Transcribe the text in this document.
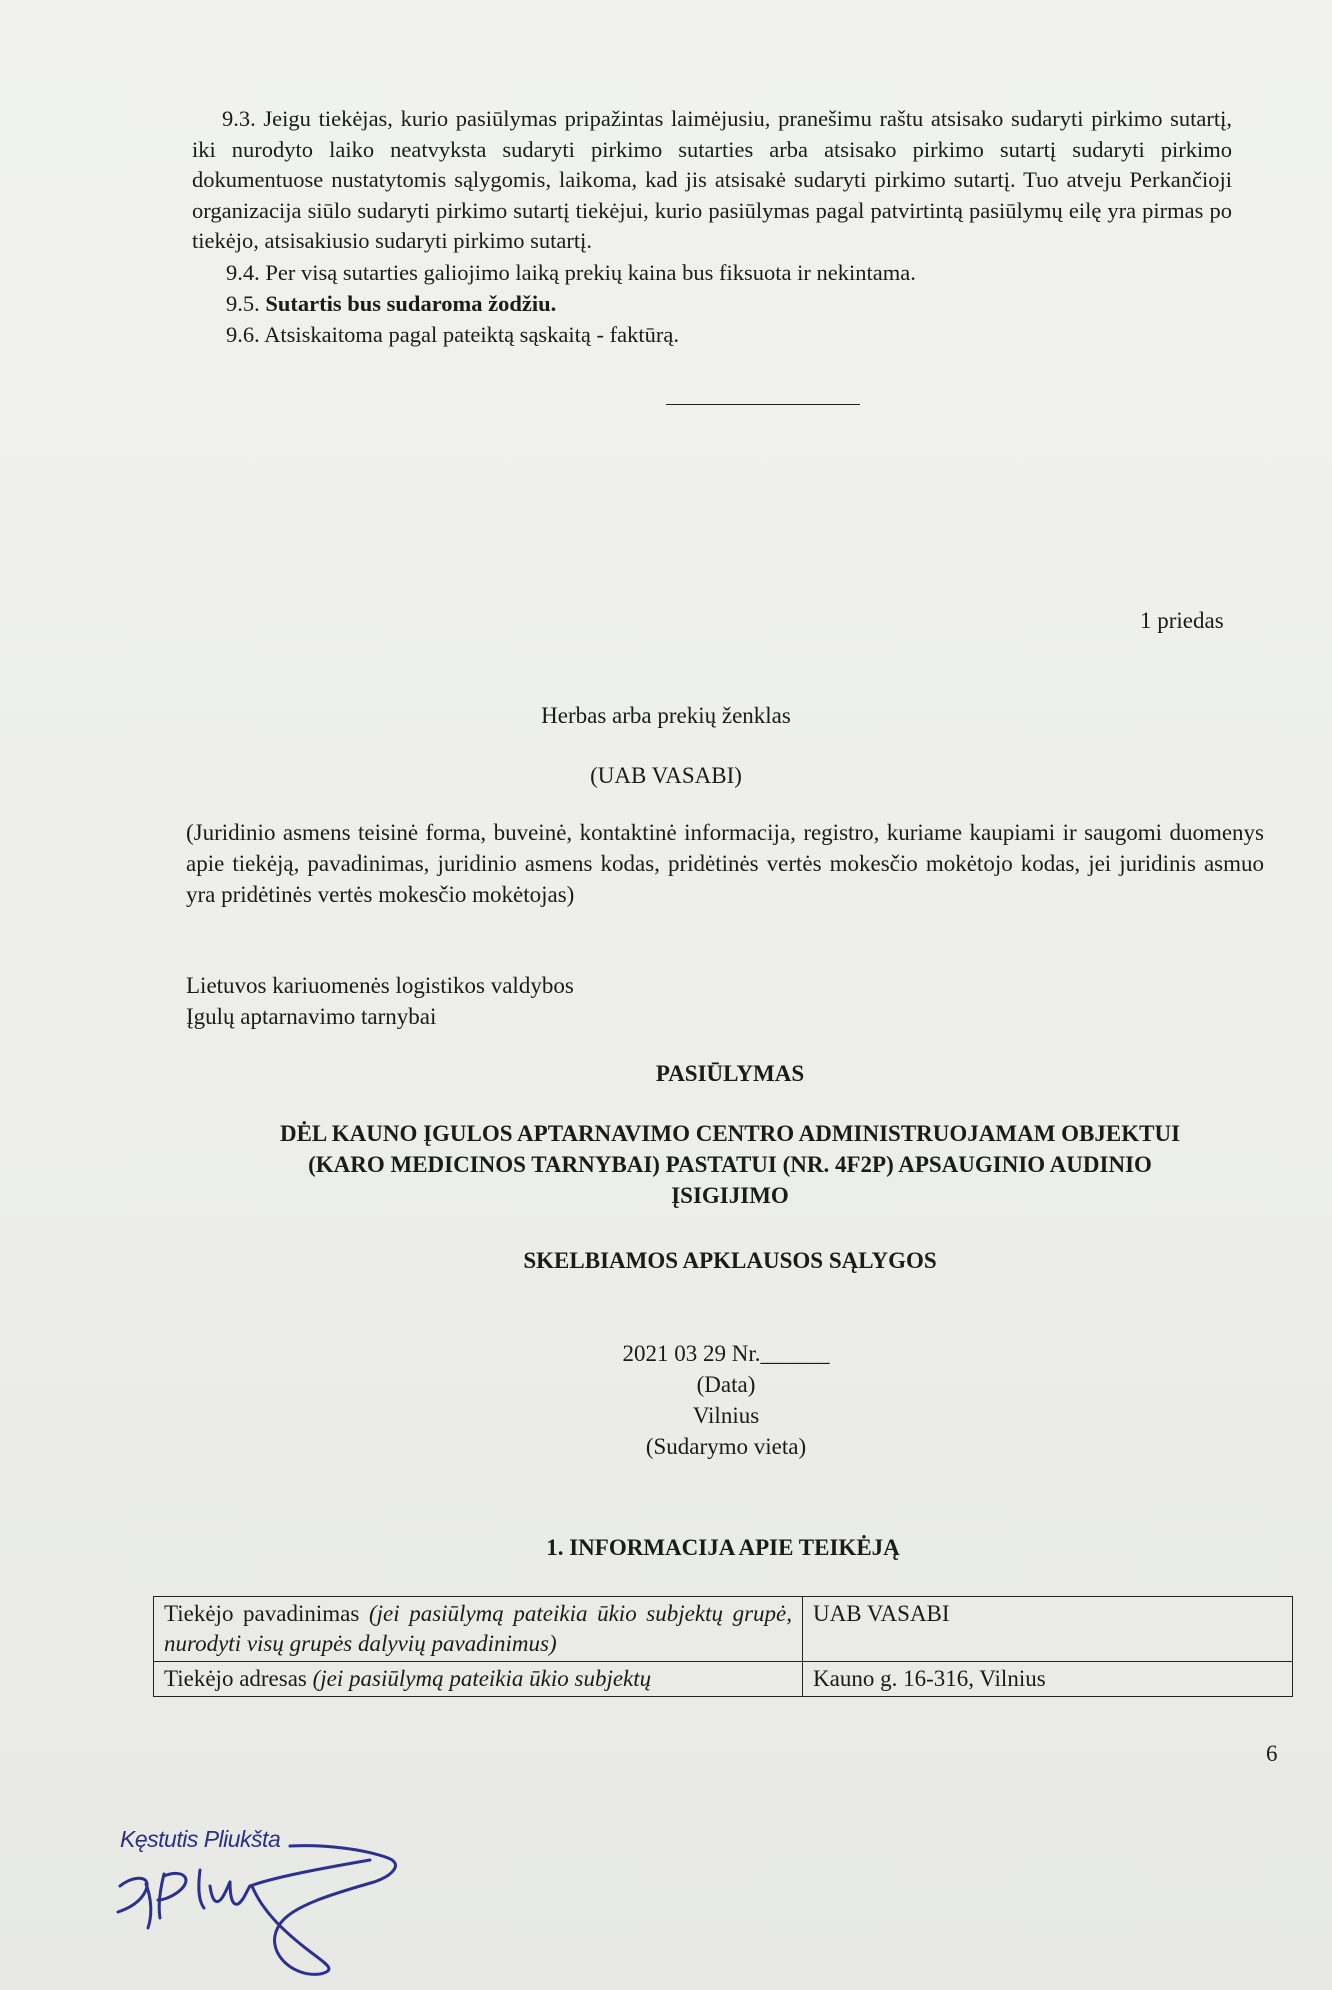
9.3. Jeigu tiekėjas, kurio pasiūlymas pripažintas laimėjusiu, pranešimu raštu atsisako sudaryti pirkimo sutartį, iki nurodyto laiko neatvyksta sudaryti pirkimo sutarties arba atsisako pirkimo sutartį sudaryti pirkimo dokumentuose nustatytomis sąlygomis, laikoma, kad jis atsisakė sudaryti pirkimo sutartį. Tuo atveju Perkančioji organizacija siūlo sudaryti pirkimo sutartį tiekėjui, kurio pasiūlymas pagal patvirtintą pasiūlymų eilę yra pirmas po tiekėjo, atsisakiusio sudaryti pirkimo sutartį.
9.4. Per visą sutarties galiojimo laiką prekių kaina bus fiksuota ir nekintama.
9.5. Sutartis bus sudaroma žodžiu.
9.6. Atsiskaitoma pagal pateiktą sąskaitą - faktūrą.
1 priedas
Herbas arba prekių ženklas
(UAB VASABI)
(Juridinio asmens teisinė forma, buveinė, kontaktinė informacija, registro, kuriame kaupiami ir saugomi duomenys apie tiekėją, pavadinimas, juridinio asmens kodas, pridėtinės vertės mokesčio mokėtojo kodas, jei juridinis asmuo yra pridėtinės vertės mokesčio mokėtojas)
Lietuvos kariuomenės logistikos valdybos
Įgulų aptarnavimo tarnybai
PASIŪLYMAS
DĖL KAUNO ĮGULOS APTARNAVIMO CENTRO ADMINISTRUOJAMAM OBJEKTUI
(KARO MEDICINOS TARNYBAI) PASTATUI (NR. 4F2P) APSAUGINIO AUDINIO
ĮSIGIJIMO
SKELBIAMOS APKLAUSOS SĄLYGOS
2021 03 29 Nr.______
(Data)
Vilnius
(Sudarymo vieta)
1. INFORMACIJA APIE TEIKĖJĄ
Tiekėjo pavadinimas (jei pasiūlymą pateikia ūkio subjektų grupė, nurodyti visų grupės dalyvių pavadinimus)	UAB VASABI
Tiekėjo adresas (jei pasiūlymą pateikia ūkio subjektų	Kauno g. 16-316, Vilnius
6
Kęstutis Pliukšta
